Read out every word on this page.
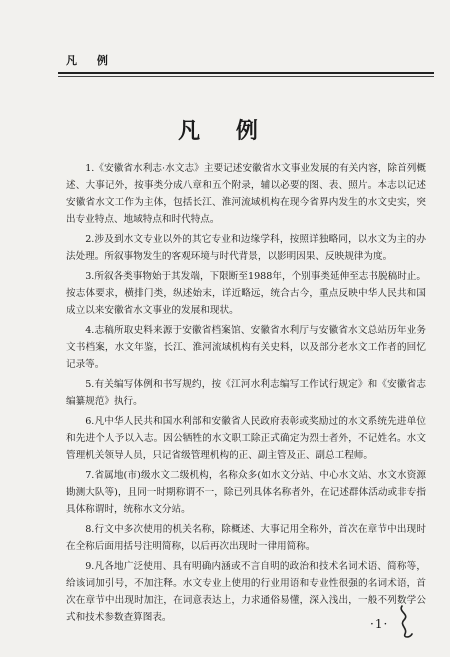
凡 例
凡 例

1.《安徽省水利志·水文志》主要记述安徽省水文事业发展的有关内容，除首列概述、大事记外，按事类分成八章和五个附录，辅以必要的图、表、照片。本志以记述安徽省水文工作为主体，包括长江、淮河流域机构在现今省界内发生的水文史实，突出专业特点、地域特点和时代特点。

2.涉及到水文专业以外的其它专业和边缘学科，按照详独略同，以水文为主的办法处理。所叙事物发生的客观环境与时代背景，以影明因果、反映规律为度。

3.所叙各类事物始于其发端，下限断至1988年，个别事类延伸至志书脱稿时止。按志体要求，横排门类，纵述始末，详近略远，统合古今，重点反映中华人民共和国成立以来安徽省水文事业的发展和现状。

4.志稿所取史料来源于安徽省档案馆、安徽省水利厅与安徽省水文总站历年业务文书档案，水文年鉴，长江、淮河流域机构有关史料，以及部分老水文工作者的回忆记录等。

5.有关编写体例和书写规约，按《江河水利志编写工作试行规定》和《安徽省志编纂规范》执行。

6.凡中华人民共和国水利部和安徽省人民政府表彰或奖励过的水文系统先进单位和先进个人予以入志。因公牺牲的水文职工除正式确定为烈士者外，不记姓名。水文管理机关领导人员，只记省级管理机构的正、副主管及正、副总工程师。

7.省属地(市)级水文二级机构，名称众多(如水文分站、中心水文站、水文水资源勘测大队等)，且同一时期称谓不一，除已列具体名称者外，在记述群体活动或非专指具体称谓时，统称水文分站。

8.行文中多次使用的机关名称，除概述、大事记用全称外，首次在章节中出现时在全称后面用括号注明简称，以后再次出现时一律用简称。

9.凡各地广泛使用、具有明确内涵或不言自明的政治和技术名词术语、简称等，给该词加引号，不加注释。水文专业上使用的行业用语和专业性很强的名词术语，首次在章节中出现时加注，在词意表达上，力求通俗易懂，深入浅出，一般不列数学公式和技术参数查算图表。	·1·
